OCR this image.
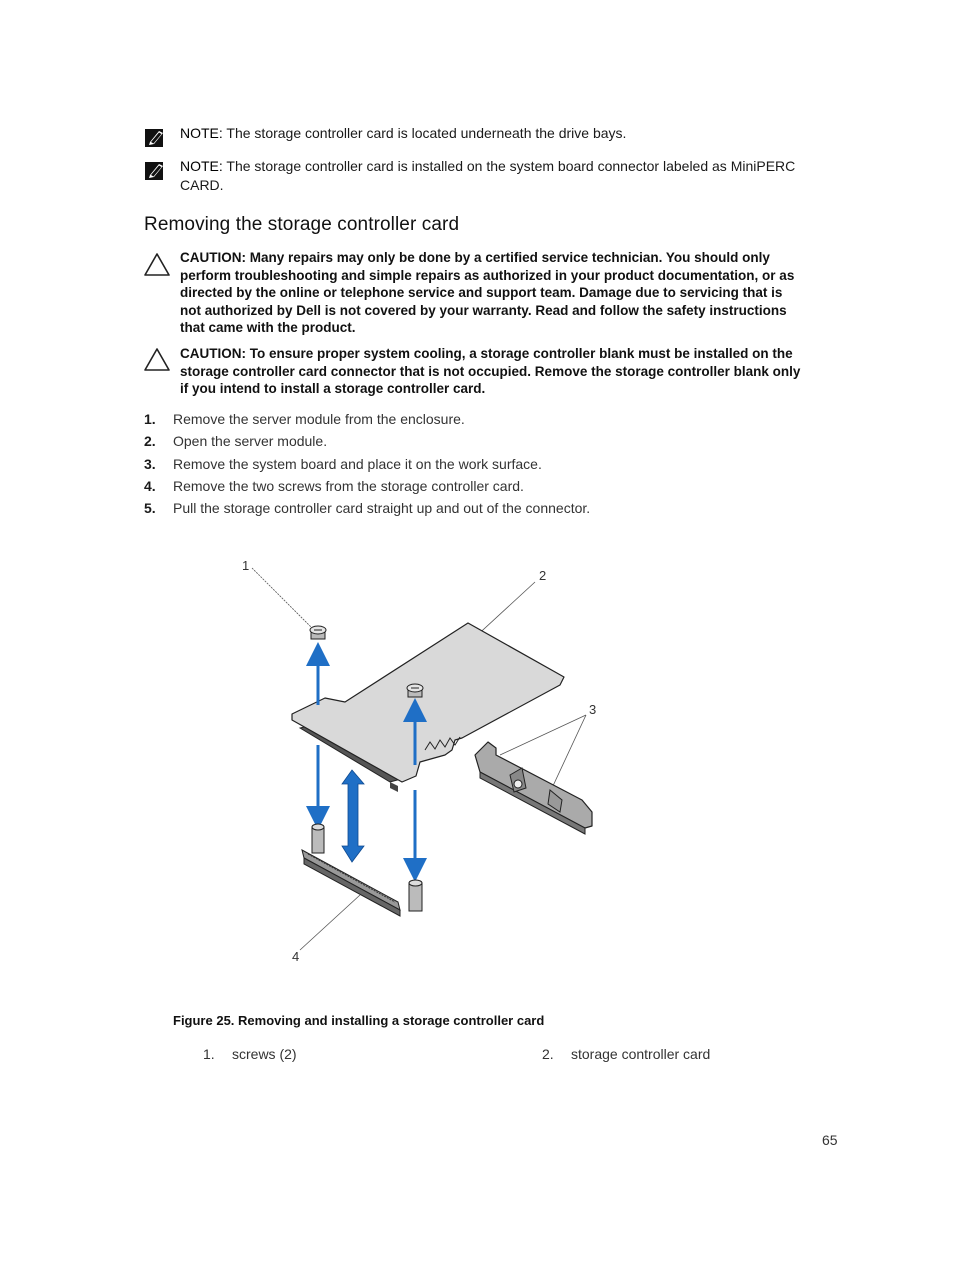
NOTE: The storage controller card is located underneath the drive bays.
NOTE: The storage controller card is installed on the system board connector labeled as MiniPERC
CARD.
Removing the storage controller card
CAUTION: Many repairs may only be done by a certified service technician. You should only
perform troubleshooting and simple repairs as authorized in your product documentation, or as
directed by the online or telephone service and support team. Damage due to servicing that is
not authorized by Dell is not covered by your warranty. Read and follow the safety instructions
that came with the product.
CAUTION: To ensure proper system cooling, a storage controller blank must be installed on the
storage controller card connector that is not occupied. Remove the storage controller blank only
if you intend to install a storage controller card.
1. Remove the server module from the enclosure.
2. Open the server module.
3. Remove the system board and place it on the work surface.
4. Remove the two screws from the storage controller card.
5. Pull the storage controller card straight up and out of the connector.
1
2
3
4
Figure 25. Removing and installing a storage controller card
1. screws (2)	2. storage controller card
65
